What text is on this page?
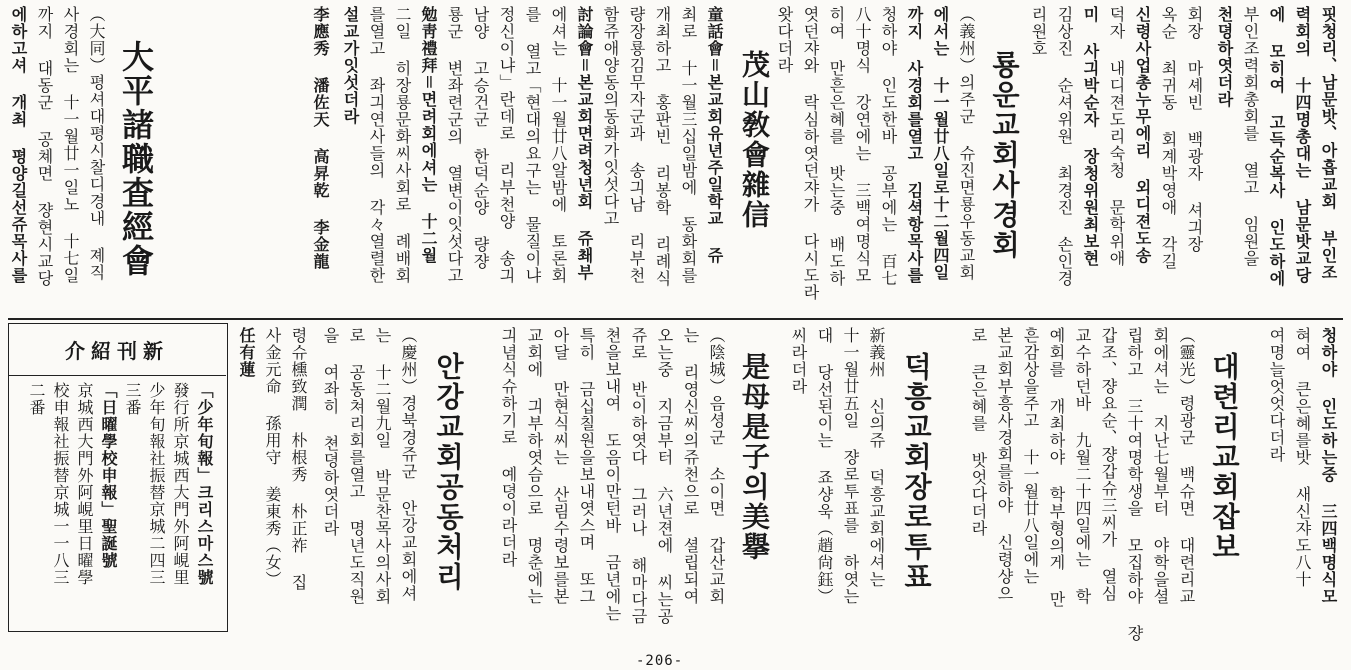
핏청리、남문밧、아흡교회 부인조
력회의 十四명총대는 남문밧교당
에 모히여 고득순복사 인도하에
부인조력회총회를 열고 임원을
천뎡하엿더라
회장 마셰빈 백광자 셔긔장
옥순 최귀동 회계박영애 각길
신령사업총누무에리 외디젼도송
덕자 내디젼도리숙청 문학위애
미 사긔박순자 장청위원최보현
김상진 순셔위원 최경진 손인경
리원호
룡운교회사경회
（義州）의주군 슈진면룡우동교회
에서는 十一월廿八일로十二월四일
까지 사경회를열고 김셕항목사를
청하야 인도한바 공부에는 百七
八十명식 강연에는 三백여명식모
히여 만흔은혜를 밧는중 배도하
엿던쟈와 락심하엿던쟈가 다시도라
왓다더라
茂山敎會雜信
童話會＝본교회유년주일학교 쥬
최로 十一월三십일밤에 동화회를
개최하고 홍판빈 리봉학 리례식
량장룡김무자군과 송긔남 리부천
함쥬애양동의동화가잇섯다고
討論會＝본교회면려청년회 쥬쵀부
에셔는 十一월廿八알밤에 토론회
를 열고「현대의요구는 물질이냐
정신이냐」란데로 리부천양 송긔
남양 고승건군 한덕순양 량쟝
룡군 변좌련군의 열변이잇섯다고
勉靑禮拜＝면려회에셔는 十二월
二일 히장룡문화씨사회로 례배회
를열고 좌긔연사들의 각々열렬한
설교가잇섯더라
李應秀 潘佐天 高昇乾 李金龍
大平諸職査經會
（大同）평셔대평시찰디경내 졔직
사경회는 十一월廿一일노 十七일
까지 대동군 공쳬면 쟝현시교당
에하고셔 개최 평양길선쥬목사를
청하야 인도하는중 三四백명식모
혀여 큰은혜를밧 새신쟈도八十
여명늘엇엇다더라
대련리교회잡보
（靈光）령광군 백슈면 대련리교
회에셔는 지난七월부터 야학을셜
립하고 三十여명학생을 모집하야 쟝
갑조、쟝요순、쟝갑슈三씨가 열심
교수하던바 九월二十四일에는 학
예회를 개최하야 학부형의게 만
흔감상을주고 十一월廿八일에는
본교회부흥사경회를하야 신령샹으
로 큰은혜를 밧엇다더라
덕흥교회장로투표
新義州 신의쥬 덕흥교회에셔는
十一월廿五일 쟝로투표를 하엿는
대 당선된이는 죠샹욱（趙尙鈺）
씨라더라
是母是子의美擧
（陰城）음셩군 소이면 갑산교회
는 리영신씨의쥬천으로 셜립되여
오는중 지금부터 六년젼에 씨는공
쥬로 반이하엿다 그러나 해마다금
쳔을보내여 도음이만턴바 금년에는
특히 금십칠원을보내엿스며 또그
아달 만현식씨는 산림수령보를본
교회에 긔부하엿슴으로 명춘에는
긔념식슈하기로 예뎡이라더라
안강교회공동처리
（慶州）경북경쥬군 안강교회에셔
는 十二월九일 박문찬목사의사회
로 공동쳐리회를열고 명년도직원
을 여좌히 쳔뎡하엿더라
령슈櫄致潤 朴根秀 朴正祚 집
사金元命 孫用守 姜東秀（女）
任有蓮
介紹刊新
「少年旬報」크리스마스號
發行所京城西大門外阿峴里
少年旬報社振替京城二四三
三番
「日曜學校申報」聖誕號
京城西大門外阿峴里日曜學
校申報社振替京城一一八三
二番
-206-
